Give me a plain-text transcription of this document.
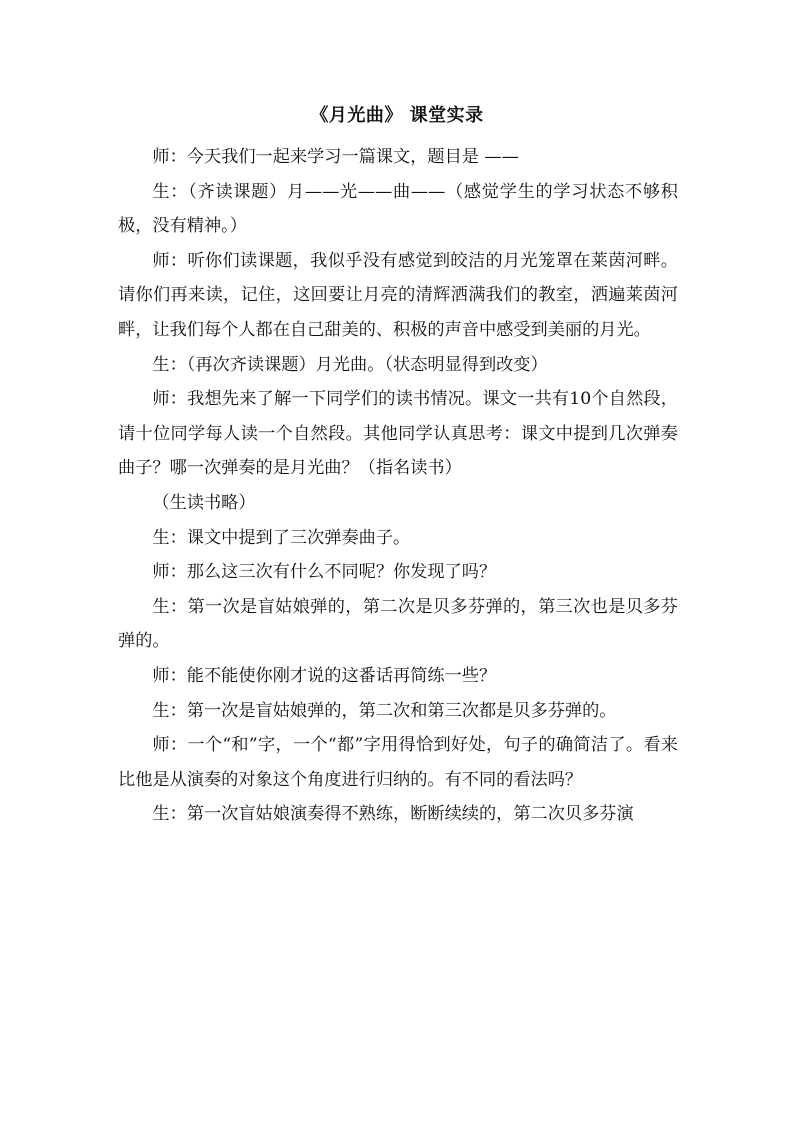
《月光曲》 课堂实录

师：今天我们一起来学习一篇课文，题目是 ——

生：（齐读课题）月——光——曲——（感觉学生的学习状态不够积极，没有精神。）

师：听你们读课题，我似乎没有感觉到皎洁的月光笼罩在莱茵河畔。请你们再来读，记住，这回要让月亮的清辉洒满我们的教室，洒遍莱茵河畔，让我们每个人都在自己甜美的、积极的声音中感受到美丽的月光。

生：（再次齐读课题）月光曲。（状态明显得到改变）

师：我想先来了解一下同学们的读书情况。课文一共有10个自然段，请十位同学每人读一个自然段。其他同学认真思考：课文中提到几次弹奏曲子？哪一次弹奏的是月光曲？（指名读书）

（生读书略）

生：课文中提到了三次弹奏曲子。

师：那么这三次有什么不同呢？你发现了吗？

生：第一次是盲姑娘弹的，第二次是贝多芬弹的，第三次也是贝多芬弹的。

师：能不能使你刚才说的这番话再简练一些？

生：第一次是盲姑娘弹的，第二次和第三次都是贝多芬弹的。

师：一个“和”字，一个“都”字用得恰到好处，句子的确简洁了。看来比他是从演奏的对象这个角度进行归纳的。有不同的看法吗？

生：第一次盲姑娘演奏得不熟练，断断续续的，第二次贝多芬演
